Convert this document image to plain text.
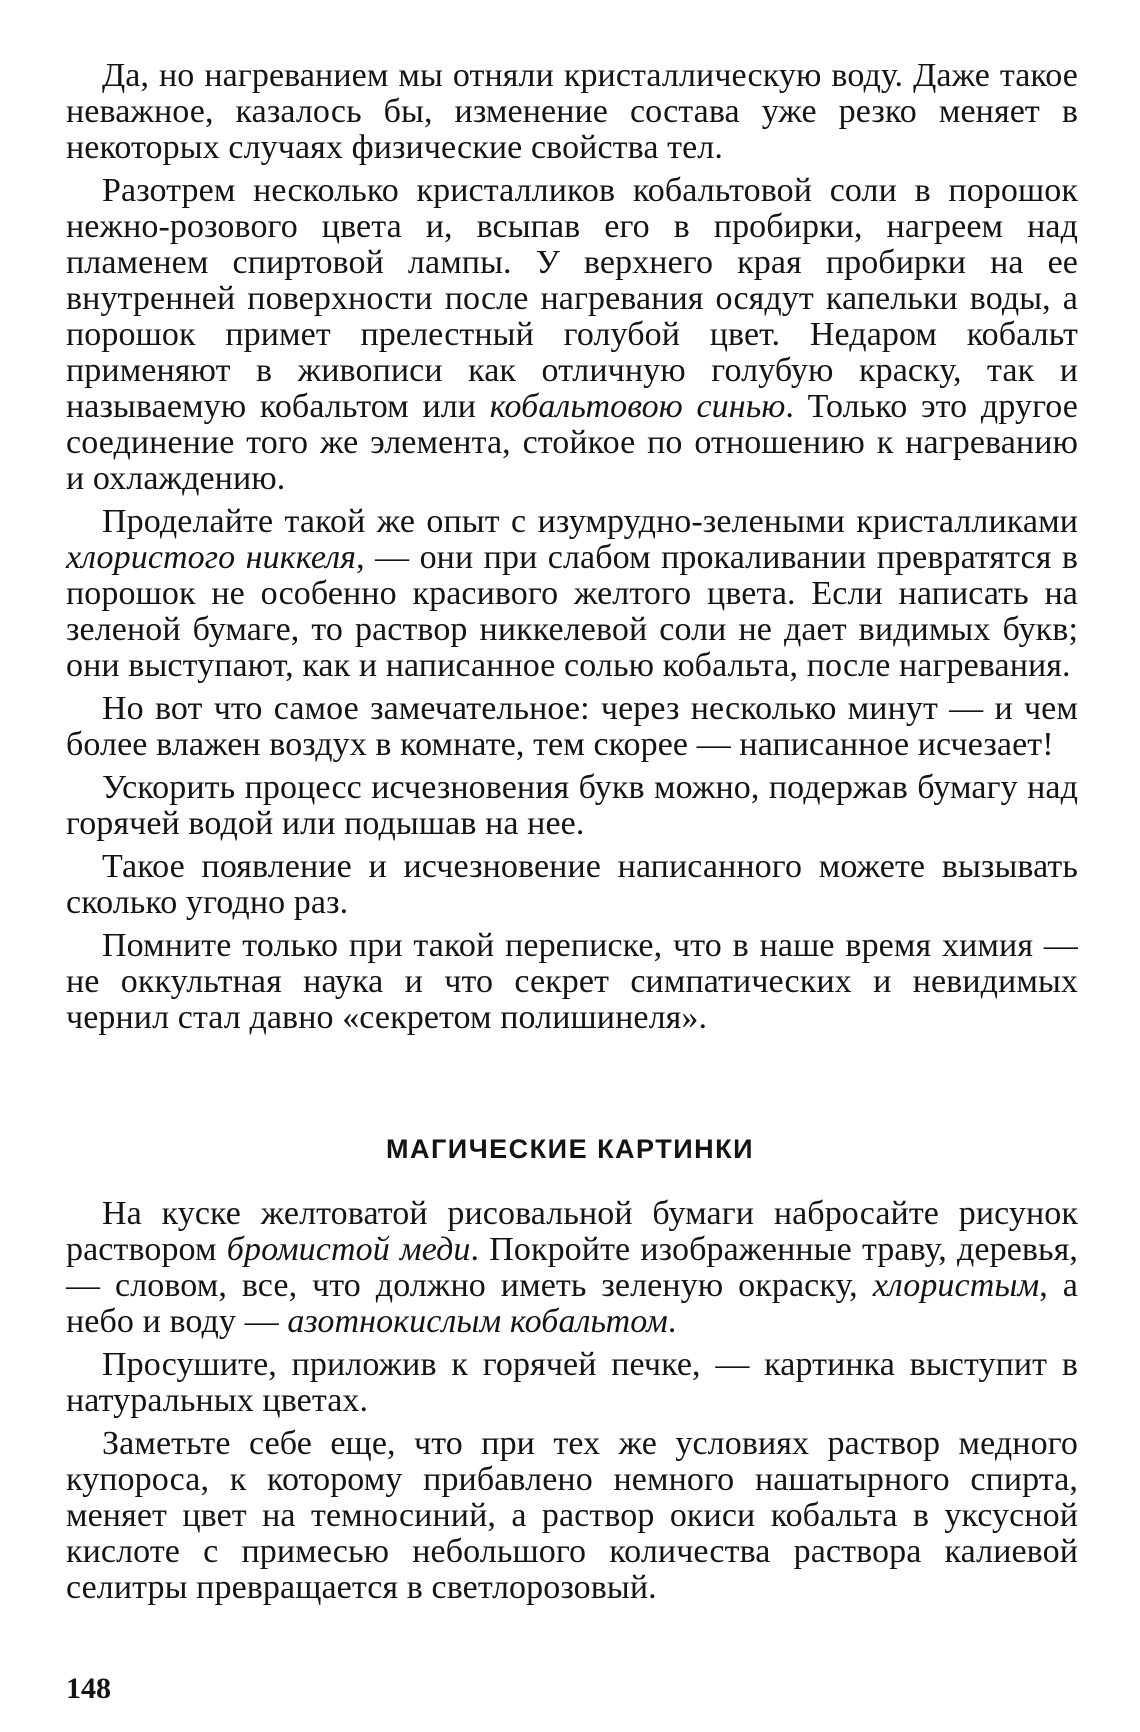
Да, но нагреванием мы отняли кристаллическую воду. Даже такое неважное, казалось бы, изменение состава уже резко меняет в некоторых случаях физические свойства тел.

Разотрем несколько кристалликов кобальтовой соли в порошок нежно-розового цвета и, всыпав его в пробирки, нагреем над пламенем спиртовой лампы. У верхнего края пробирки на ее внутренней поверхности после нагревания осядут капельки воды, а порошок примет прелестный голубой цвет. Недаром кобальт применяют в живописи как отличную голубую краску, так и называемую кобальтом или кобальтовою синью. Только это другое соединение того же элемента, стойкое по отношению к нагреванию и охлаждению.

Проделайте такой же опыт с изумрудно-зелеными кристалликами хлористого никкеля, — они при слабом прокаливании превратятся в порошок не особенно красивого желтого цвета. Если написать на зеленой бумаге, то раствор никкелевой соли не дает видимых букв; они выступают, как и написанное солью кобальта, после нагревания.

Но вот что самое замечательное: через несколько минут — и чем более влажен воздух в комнате, тем скорее — написанное исчезает!

Ускорить процесс исчезновения букв можно, подержав бумагу над горячей водой или подышав на нее.

Такое появление и исчезновение написанного можете вызывать сколько угодно раз.

Помните только при такой переписке, что в наше время химия — не оккультная наука и что секрет симпатических и невидимых чернил стал давно «секретом полишинеля».

МАГИЧЕСКИЕ КАРТИНКИ

На куске желтоватой рисовальной бумаги набросайте рисунок раствором бромистой меди. Покройте изображенные траву, деревья, — словом, все, что должно иметь зеленую окраску, хлористым, а небо и воду — азотнокислым кобальтом.

Просушите, приложив к горячей печке, — картинка выступит в натуральных цветах.

Заметьте себе еще, что при тех же условиях раствор медного купороса, к которому прибавлено немного нашатырного спирта, меняет цвет на темносиний, а раствор окиси кобальта в уксусной кислоте с примесью небольшого количества раствора калиевой селитры превращается в светлорозовый.

148
